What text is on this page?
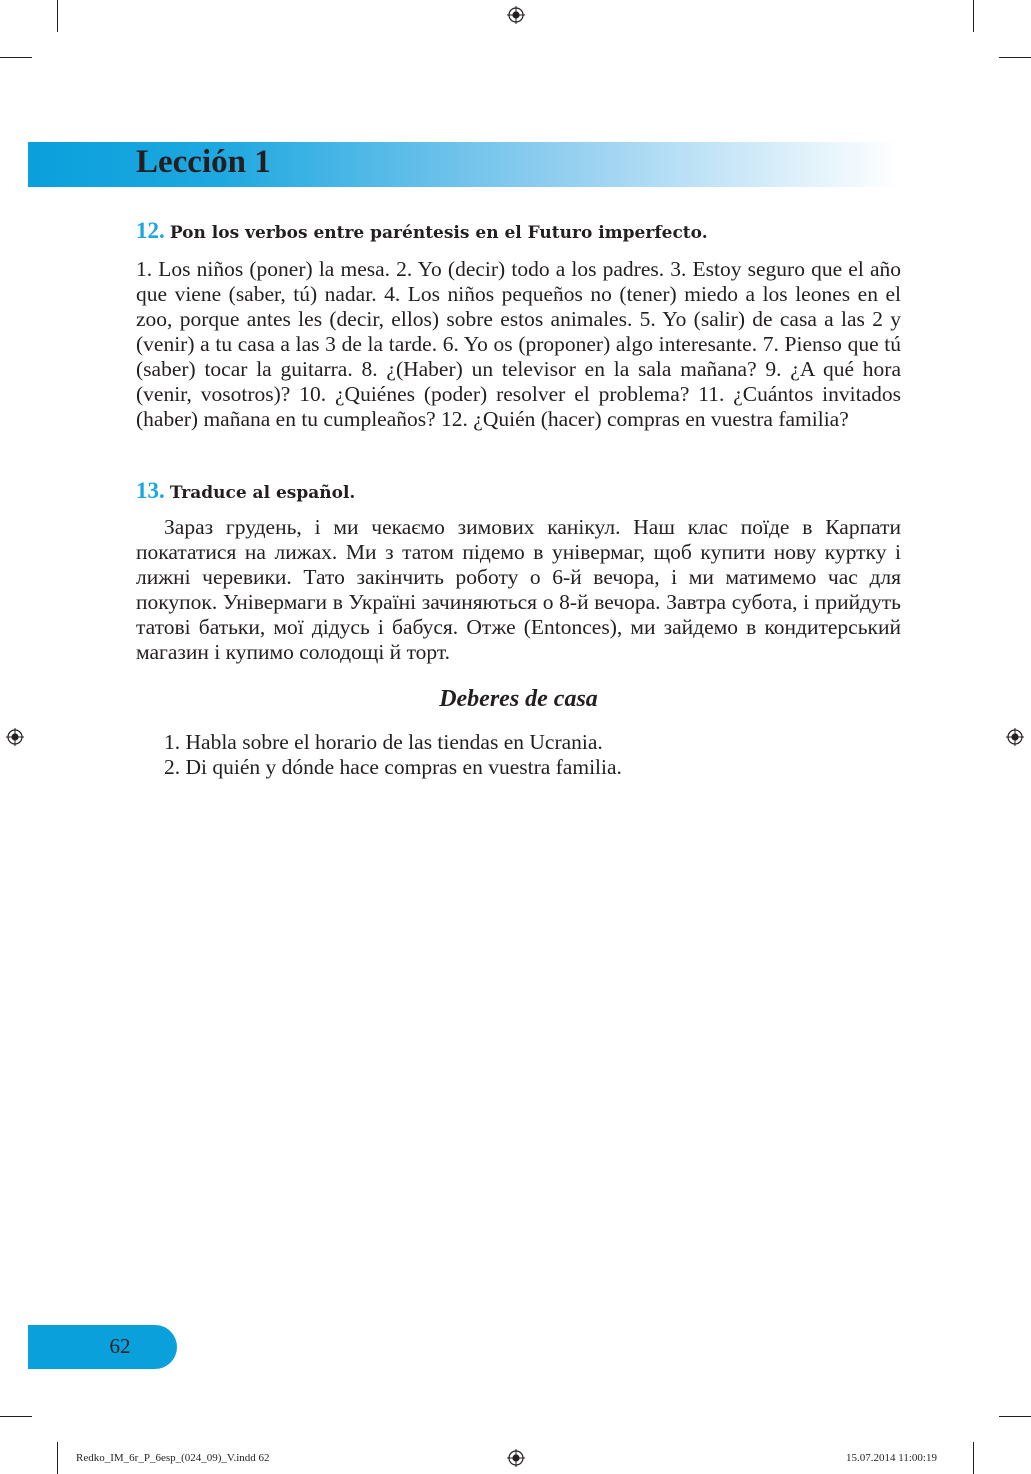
Lección 1
12. Pon los verbos entre paréntesis en el Futuro imperfecto.

1. Los niños (poner) la mesa. 2. Yo (decir) todo a los padres. 3. Estoy seguro que el año que viene (saber, tú) nadar. 4. Los niños pequeños no (tener) miedo a los leones en el zoo, porque antes les (decir, ellos) sobre estos animales. 5. Yo (salir) de casa a las 2 y (venir) a tu casa a las 3 de la tarde. 6. Yo os (proponer) algo interesante. 7. Pienso que tú (saber) tocar la guitarra. 8. ¿(Haber) un televisor en la sala mañana? 9. ¿A qué hora (venir, vosotros)? 10. ¿Quiénes (poder) resolver el problema? 11. ¿Cuántos invitados (haber) mañana en tu cumpleaños? 12. ¿Quién (hacer) compras en vuestra familia?

13. Traduce al español.

Зараз грудень, і ми чекаємо зимових канікул. Наш клас поїде в Карпати покататися на лижах. Ми з татом підемо в універмаг, щоб купити нову куртку і лижні черевики. Тато закінчить роботу о 6-й вечора, і ми матимемо час для покупок. Універмаги в Україні зачиняються о 8-й вечора. Завтра субота, і прийдуть татові батьки, мої дідусь і бабуся. Отже (Entonces), ми зайдемо в кондитерський магазин і купимо солодощі й торт.

Deberes de casa
1. Habla sobre el horario de las tiendas en Ucrania.
2. Di quién y dónde hace compras en vuestra familia.
62
Redko_IM_6r_P_6esp_(024_09)_V.indd 62	15.07.2014 11:00:19
